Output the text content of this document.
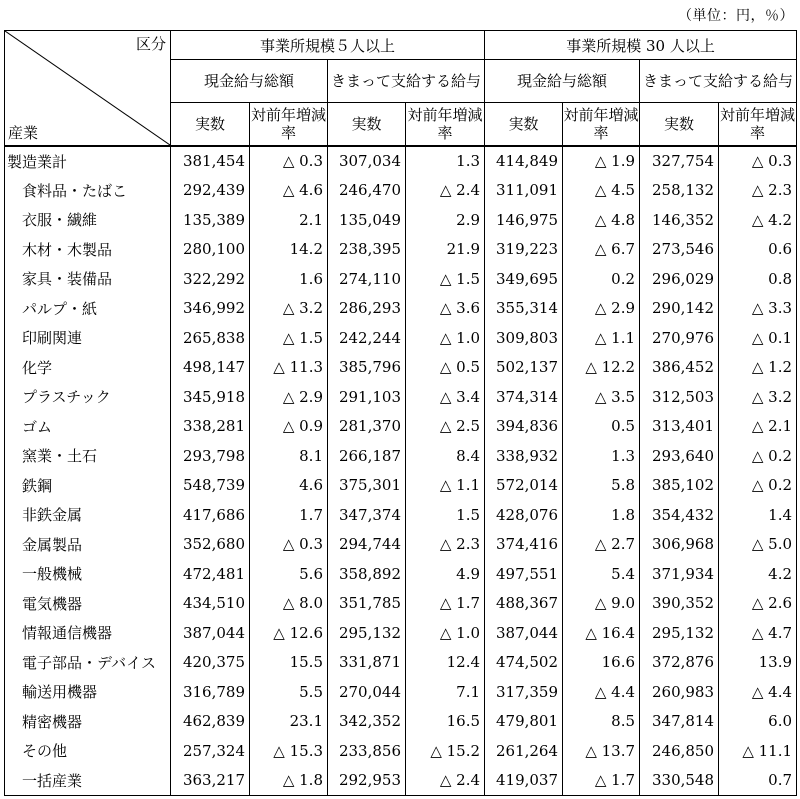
（単位：円，％）
区分
産業	事業所規模５人以上				事業所規模 30 人以上			
	現金給与総額		きまって支給する給与		現金給与総額		きまって支給する給与	
	実数	対前年増減率	実数	対前年増減率	実数	対前年増減率	実数	対前年増減率
製造業計	381,454	△ 0.3	307,034	1.3	414,849	△ 1.9	327,754	△ 0.3
食料品・たばこ	292,439	△ 4.6	246,470	△ 2.4	311,091	△ 4.5	258,132	△ 2.3
衣服・繊維	135,389	2.1	135,049	2.9	146,975	△ 4.8	146,352	△ 4.2
木材・木製品	280,100	14.2	238,395	21.9	319,223	△ 6.7	273,546	0.6
家具・装備品	322,292	1.6	274,110	△ 1.5	349,695	0.2	296,029	0.8
パルプ・紙	346,992	△ 3.2	286,293	△ 3.6	355,314	△ 2.9	290,142	△ 3.3
印刷関連	265,838	△ 1.5	242,244	△ 1.0	309,803	△ 1.1	270,976	△ 0.1
化学	498,147	△ 11.3	385,796	△ 0.5	502,137	△ 12.2	386,452	△ 1.2
プラスチック	345,918	△ 2.9	291,103	△ 3.4	374,314	△ 3.5	312,503	△ 3.2
ゴム	338,281	△ 0.9	281,370	△ 2.5	394,836	0.5	313,401	△ 2.1
窯業・土石	293,798	8.1	266,187	8.4	338,932	1.3	293,640	△ 0.2
鉄鋼	548,739	4.6	375,301	△ 1.1	572,014	5.8	385,102	△ 0.2
非鉄金属	417,686	1.7	347,374	1.5	428,076	1.8	354,432	1.4
金属製品	352,680	△ 0.3	294,744	△ 2.3	374,416	△ 2.7	306,968	△ 5.0
一般機械	472,481	5.6	358,892	4.9	497,551	5.4	371,934	4.2
電気機器	434,510	△ 8.0	351,785	△ 1.7	488,367	△ 9.0	390,352	△ 2.6
情報通信機器	387,044	△ 12.6	295,132	△ 1.0	387,044	△ 16.4	295,132	△ 4.7
電子部品・デバイス	420,375	15.5	331,871	12.4	474,502	16.6	372,876	13.9
輸送用機器	316,789	5.5	270,044	7.1	317,359	△ 4.4	260,983	△ 4.4
精密機器	462,839	23.1	342,352	16.5	479,801	8.5	347,814	6.0
その他	257,324	△ 15.3	233,856	△ 15.2	261,264	△ 13.7	246,850	△ 11.1
一括産業	363,217	△ 1.8	292,953	△ 2.4	419,037	△ 1.7	330,548	0.7
